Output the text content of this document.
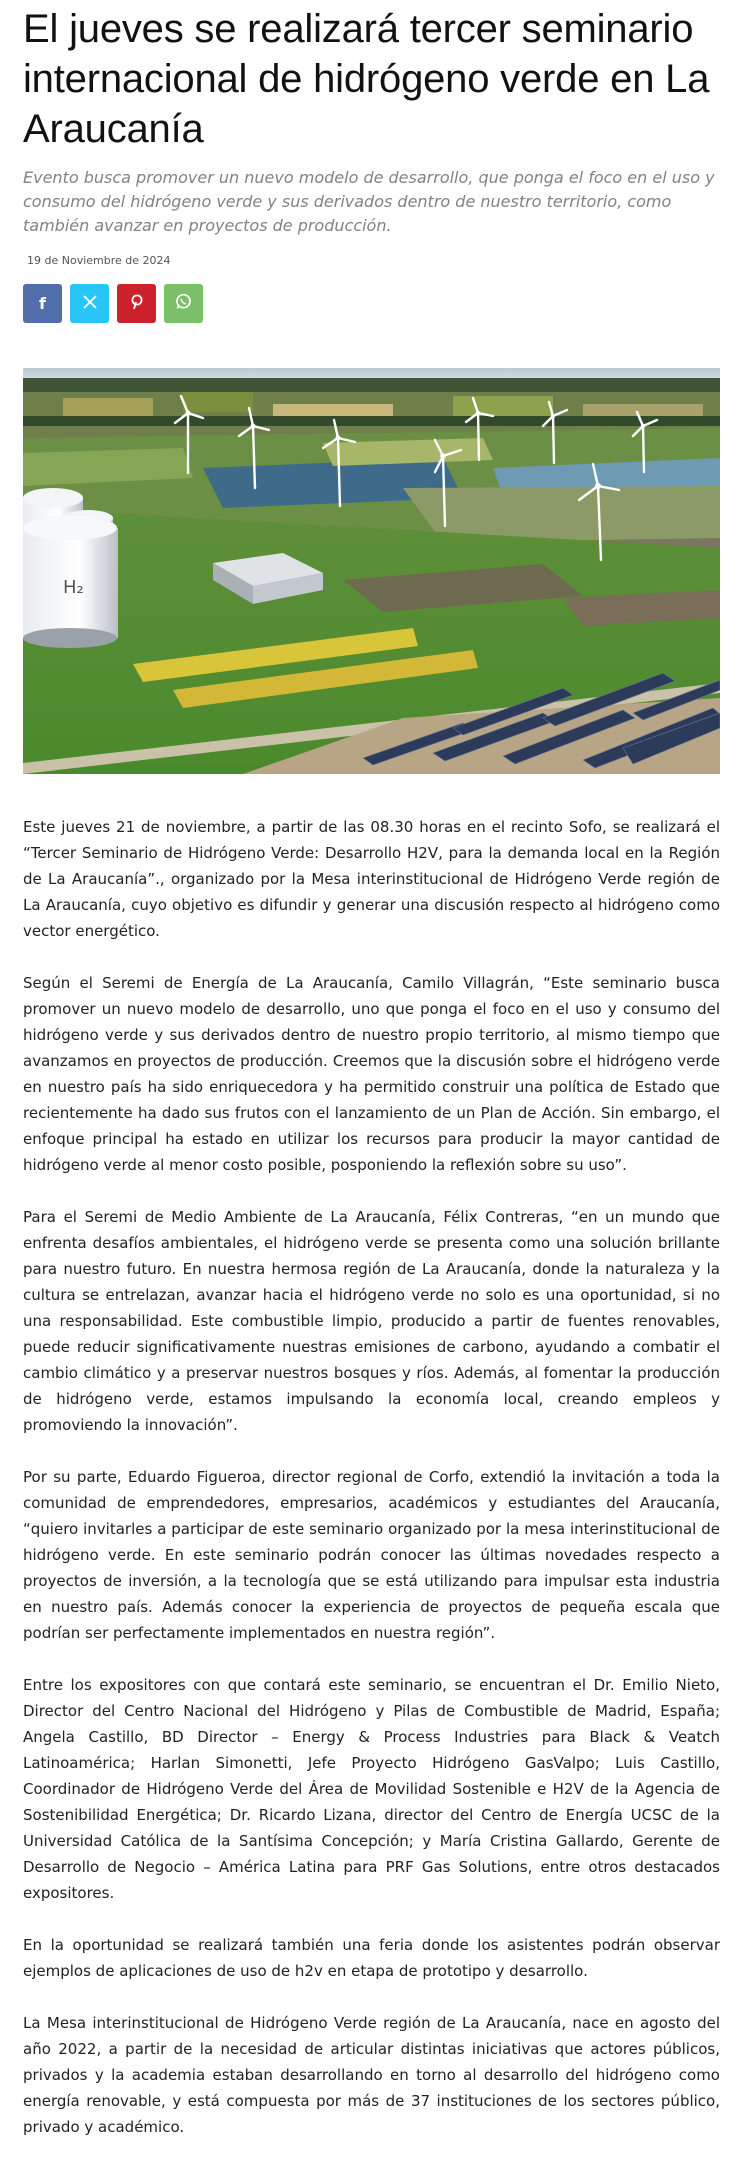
El jueves se realizará tercer seminario internacional de hidrógeno verde en La Araucanía

Evento busca promover un nuevo modelo de desarrollo, que ponga el foco en el uso y consumo del hidrógeno verde y sus derivados dentro de nuestro territorio, como también avanzar en proyectos de producción.

19 de Noviembre de 2024
f
H₂

Este jueves 21 de noviembre, a partir de las 08.30 horas en el recinto Sofo, se realizará el “Tercer Seminario de Hidrógeno Verde: Desarrollo H2V, para la demanda local en la Región de La Araucanía”., organizado por la Mesa interinstitucional de Hidrógeno Verde región de La Araucanía, cuyo objetivo es difundir y generar una discusión respecto al hidrógeno como vector energético.

Según el Seremi de Energía de La Araucanía, Camilo Villagrán, “Este seminario busca promover un nuevo modelo de desarrollo, uno que ponga el foco en el uso y consumo del hidrógeno verde y sus derivados dentro de nuestro propio territorio, al mismo tiempo que avanzamos en proyectos de producción. Creemos que la discusión sobre el hidrógeno verde en nuestro país ha sido enriquecedora y ha permitido construir una política de Estado que recientemente ha dado sus frutos con el lanzamiento de un Plan de Acción. Sin embargo, el enfoque principal ha estado en utilizar los recursos para producir la mayor cantidad de hidrógeno verde al menor costo posible, posponiendo la reflexión sobre su uso”.

Para el Seremi de Medio Ambiente de La Araucanía, Félix Contreras, “en un mundo que enfrenta desafíos ambientales, el hidrógeno verde se presenta como una solución brillante para nuestro futuro. En nuestra hermosa región de La Araucanía, donde la naturaleza y la cultura se entrelazan, avanzar hacia el hidrógeno verde no solo es una oportunidad, si no una responsabilidad. Este combustible limpio, producido a partir de fuentes renovables, puede reducir significativamente nuestras emisiones de carbono, ayudando a combatir el cambio climático y a preservar nuestros bosques y ríos. Además, al fomentar la producción de hidrógeno verde, estamos impulsando la economía local, creando empleos y promoviendo la innovación”.

Por su parte, Eduardo Figueroa, director regional de Corfo, extendió la invitación a toda la comunidad de emprendedores, empresarios, académicos y estudiantes del Araucanía, “quiero invitarles a participar de este seminario organizado por la mesa interinstitucional de hidrógeno verde. En este seminario podrán conocer las últimas novedades respecto a proyectos de inversión, a la tecnología que se está utilizando para impulsar esta industria en nuestro país. Además conocer la experiencia de proyectos de pequeña escala que podrían ser perfectamente implementados en nuestra región”.

Entre los expositores con que contará este seminario, se encuentran el Dr. Emilio Nieto, Director del Centro Nacional del Hidrógeno y Pilas de Combustible de Madrid, España; Angela Castillo, BD Director – Energy & Process Industries para Black & Veatch Latinoamérica; Harlan Simonetti, Jefe Proyecto Hidrógeno GasValpo; Luis Castillo, Coordinador de Hidrógeno Verde del Área de Movilidad Sostenible e H2V de la Agencia de Sostenibilidad Energética; Dr. Ricardo Lizana, director del Centro de Energía UCSC de la Universidad Católica de la Santísima Concepción; y María Cristina Gallardo, Gerente de Desarrollo de Negocio – América Latina para PRF Gas Solutions, entre otros destacados expositores.

En la oportunidad se realizará también una feria donde los asistentes podrán observar ejemplos de aplicaciones de uso de h2v en etapa de prototipo y desarrollo.

La Mesa interinstitucional de Hidrógeno Verde región de La Araucanía, nace en agosto del año 2022, a partir de la necesidad de articular distintas iniciativas que actores públicos, privados y la academia estaban desarrollando en torno al desarrollo del hidrógeno como energía renovable, y está compuesta por más de 37 instituciones de los sectores público, privado y académico.
